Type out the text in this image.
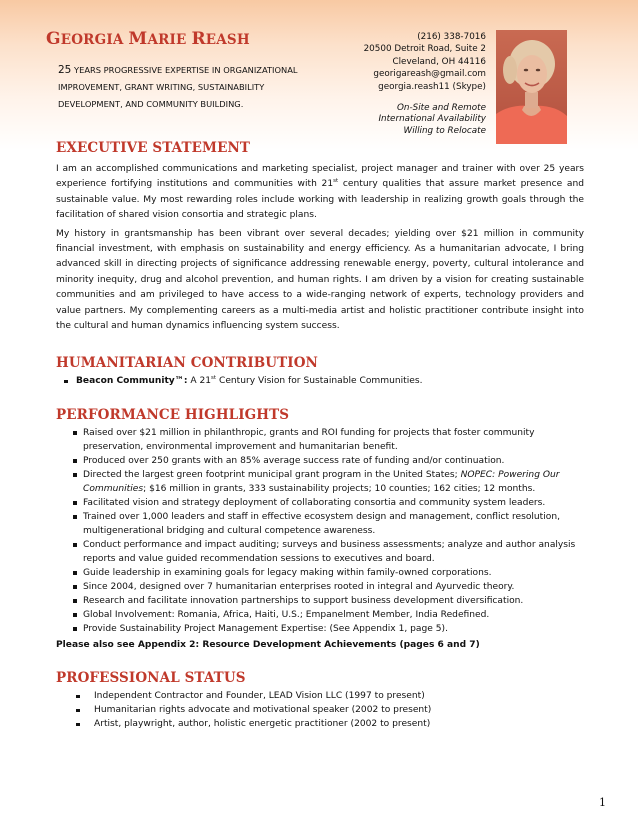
GEORGIA MARIE REASH
25 YEARS PROGRESSIVE EXPERTISE IN ORGANIZATIONAL IMPROVEMENT, GRANT WRITING, SUSTAINABILITY DEVELOPMENT, AND COMMUNITY BUILDING.
(216) 338-7016
20500 Detroit Road, Suite 2
Cleveland, OH 44116
georigareash@gmail.com
georgia.reash11 (Skype)
On-Site and Remote
International Availability
Willing to Relocate
EXECUTIVE STATEMENT

I am an accomplished communications and marketing specialist, project manager and trainer with over 25 years experience fortifying institutions and communities with 21st century qualities that assure market presence and sustainable value. My most rewarding roles include working with leadership in realizing growth goals through the facilitation of shared vision consortia and strategic plans.

My history in grantsmanship has been vibrant over several decades; yielding over $21 million in community financial investment, with emphasis on sustainability and energy efficiency. As a humanitarian advocate, I bring advanced skill in directing projects of significance addressing renewable energy, poverty, cultural intolerance and minority inequity, drug and alcohol prevention, and human rights. I am driven by a vision for creating sustainable communities and am privileged to have access to a wide-ranging network of experts, technology providers and value partners. My complementing careers as a multi-media artist and holistic practitioner contribute insight into the cultural and human dynamics influencing system success.

HUMANITARIAN CONTRIBUTION
Beacon Community™: A 21st Century Vision for Sustainable Communities.
PERFORMANCE HIGHLIGHTS
Raised over $21 million in philanthropic, grants and ROI funding for projects that foster community preservation, environmental improvement and humanitarian benefit.
Produced over 250 grants with an 85% average success rate of funding and/or continuation.
Directed the largest green footprint municipal grant program in the United States; NOPEC: Powering Our Communities; $16 million in grants, 333 sustainability projects; 10 counties; 162 cities; 12 months.
Facilitated vision and strategy deployment of collaborating consortia and community system leaders.
Trained over 1,000 leaders and staff in effective ecosystem design and management, conflict resolution, multigenerational bridging and cultural competence awareness.
Conduct performance and impact auditing; surveys and business assessments; analyze and author analysis reports and value guided recommendation sessions to executives and board.
Guide leadership in examining goals for legacy making within family-owned corporations.
Since 2004, designed over 7 humanitarian enterprises rooted in integral and Ayurvedic theory.
Research and facilitate innovation partnerships to support business development diversification.
Global Involvement: Romania, Africa, Haiti, U.S.; Empanelment Member, India Redefined.
Provide Sustainability Project Management Expertise: (See Appendix 1, page 5).
Please also see Appendix 2: Resource Development Achievements (pages 6 and 7)
PROFESSIONAL STATUS
Independent Contractor and Founder, LEAD Vision LLC (1997 to present)
Humanitarian rights advocate and motivational speaker (2002 to present)
Artist, playwright, author, holistic energetic practitioner (2002 to present)
1
